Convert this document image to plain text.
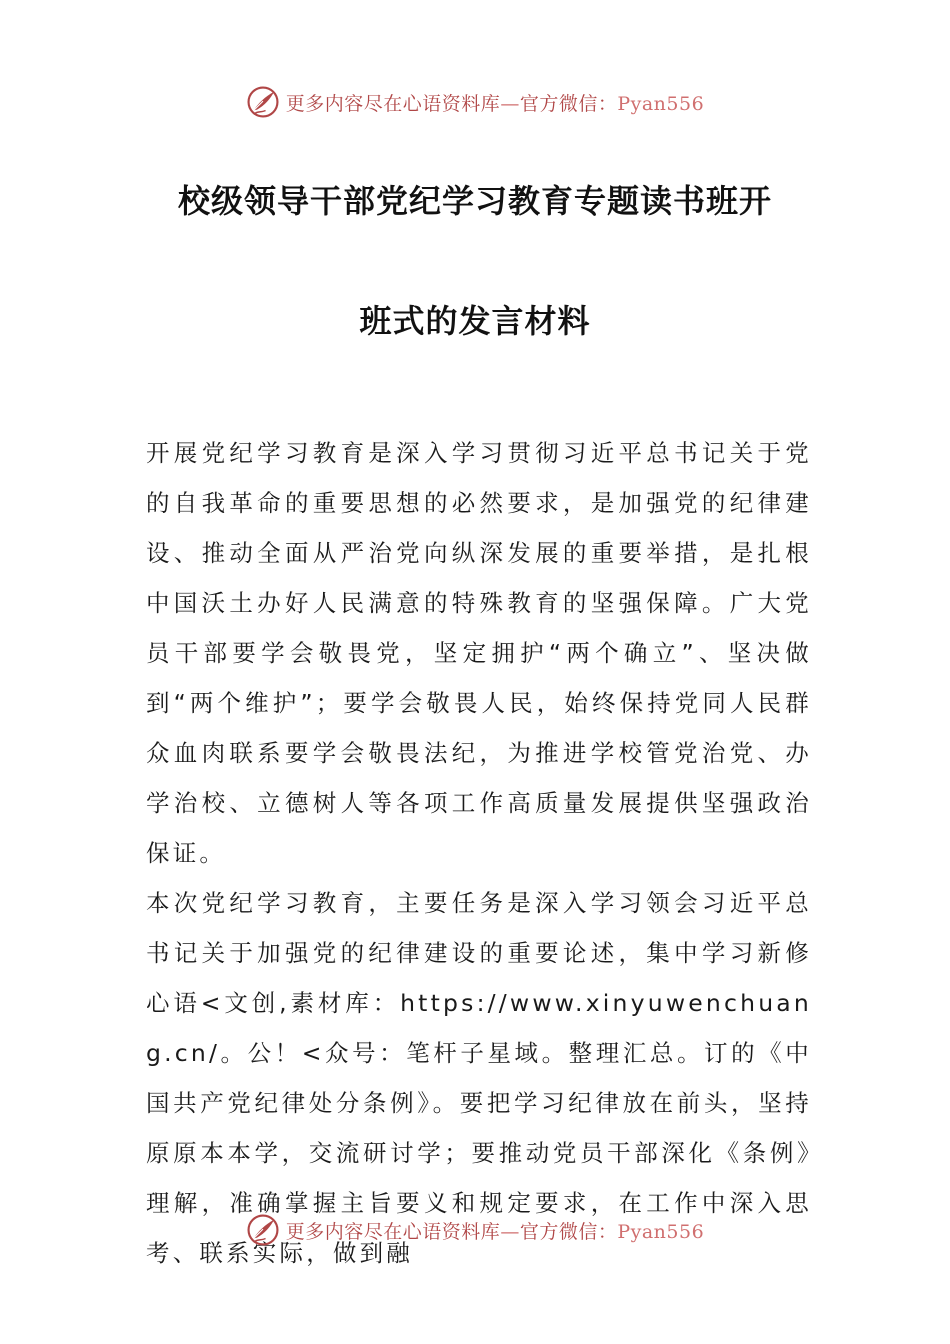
更多内容尽在心语资料库—官方微信：Pyan556
校级领导干部党纪学习教育专题读书班开
班式的发言材料

开展党纪学习教育是深入学习贯彻习近平总书记关于党的自我革命的重要思想的必然要求，是加强党的纪律建设、推动全面从严治党向纵深发展的重要举措，是扎根中国沃土办好人民满意的特殊教育的坚强保障。广大党员干部要学会敬畏党，坚定拥护“两个确立”、坚决做到“两个维护”；要学会敬畏人民，始终保持党同人民群众血肉联系要学会敬畏法纪，为推进学校管党治党、办学治校、立德树人等各项工作高质量发展提供坚强政治保证。

本次党纪学习教育，主要任务是深入学习领会习近平总书记关于加强党的纪律建设的重要论述，集中学习新修心语<文创,素材库：https://www.xinyuwenchuang.cn/。公！<众号：笔杆子星域。整理汇总。订的《中国共产党纪律处分条例》。要把学习纪律放在前头，坚持原原本本学，交流研讨学；要推动党员干部深化《条例》理解，准确掌握主旨要义和规定要求，在工作中深入思考、联系实际，做到融

更多内容尽在心语资料库—官方微信：Pyan556
